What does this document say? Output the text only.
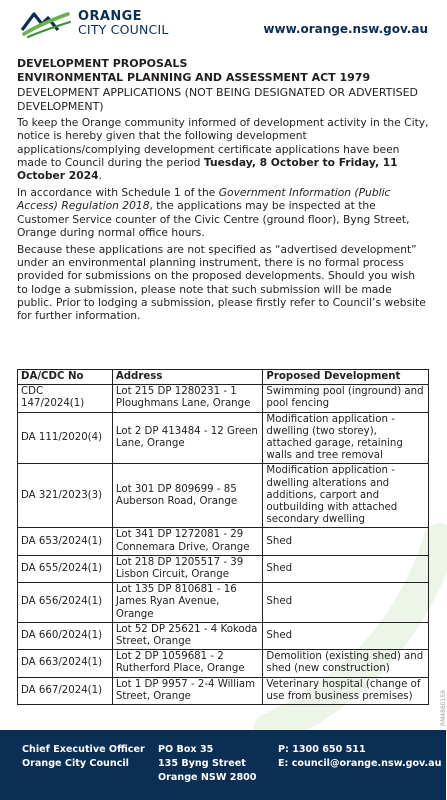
ORANGE
CITY COUNCIL	www.orange.nsw.gov.au
DEVELOPMENT PROPOSALS
ENVIRONMENTAL PLANNING AND ASSESSMENT ACT 1979
DEVELOPMENT APPLICATIONS (NOT BEING DESIGNATED OR ADVERTISED DEVELOPMENT)
To keep the Orange community informed of development activity in the City, notice is hereby given that the following development applications/complying development certificate applications have been made to Council during the period Tuesday, 8 October to Friday, 11 October 2024.
In accordance with Schedule 1 of the Government Information (Public Access) Regulation 2018, the applications may be inspected at the Customer Service counter of the Civic Centre (ground floor), Byng Street, Orange during normal office hours.
Because these applications are not specified as “advertised development” under an environmental planning instrument, there is no formal process provided for submissions on the proposed developments. Should you wish to lodge a submission, please note that such submission will be made public. Prior to lodging a submission, please firstly refer to Council’s website for further information.
DA/CDC No	Address	Proposed Development
CDC 147/2024(1)	Lot 215 DP 1280231 - 1 Ploughmans Lane, Orange	Swimming pool (inground) and pool fencing
DA 111/2020(4)	Lot 2 DP 413484 - 12 Green Lane, Orange	Modification application - dwelling (two storey), attached garage, retaining walls and tree removal
DA 321/2023(3)	Lot 301 DP 809699 - 85 Auberson Road, Orange	Modification application - dwelling alterations and additions, carport and outbuilding with attached secondary dwelling
DA 653/2024(1)	Lot 341 DP 1272081 - 29 Connemara Drive, Orange	Shed
DA 655/2024(1)	Lot 218 DP 1205517 - 39 Lisbon Circuit, Orange	Shed
DA 656/2024(1)	Lot 135 DP 810681 - 16 James Ryan Avenue, Orange	Shed
DA 660/2024(1)	Lot 52 DP 25621 - 4 Kokoda Street, Orange	Shed
DA 663/2024(1)	Lot 2 DP 1059681 - 2 Rutherford Place, Orange	Demolition (existing shed) and shed (new construction)
DA 667/2024(1)	Lot 1 DP 9957 - 2-4 William Street, Orange	Veterinary hospital (change of use from business premises)	RM4880159
Chief Executive Officer
Orange City Council
PO Box 35
135 Byng Street
Orange NSW 2800
P: 1300 650 511
E: council@orange.nsw.gov.au
